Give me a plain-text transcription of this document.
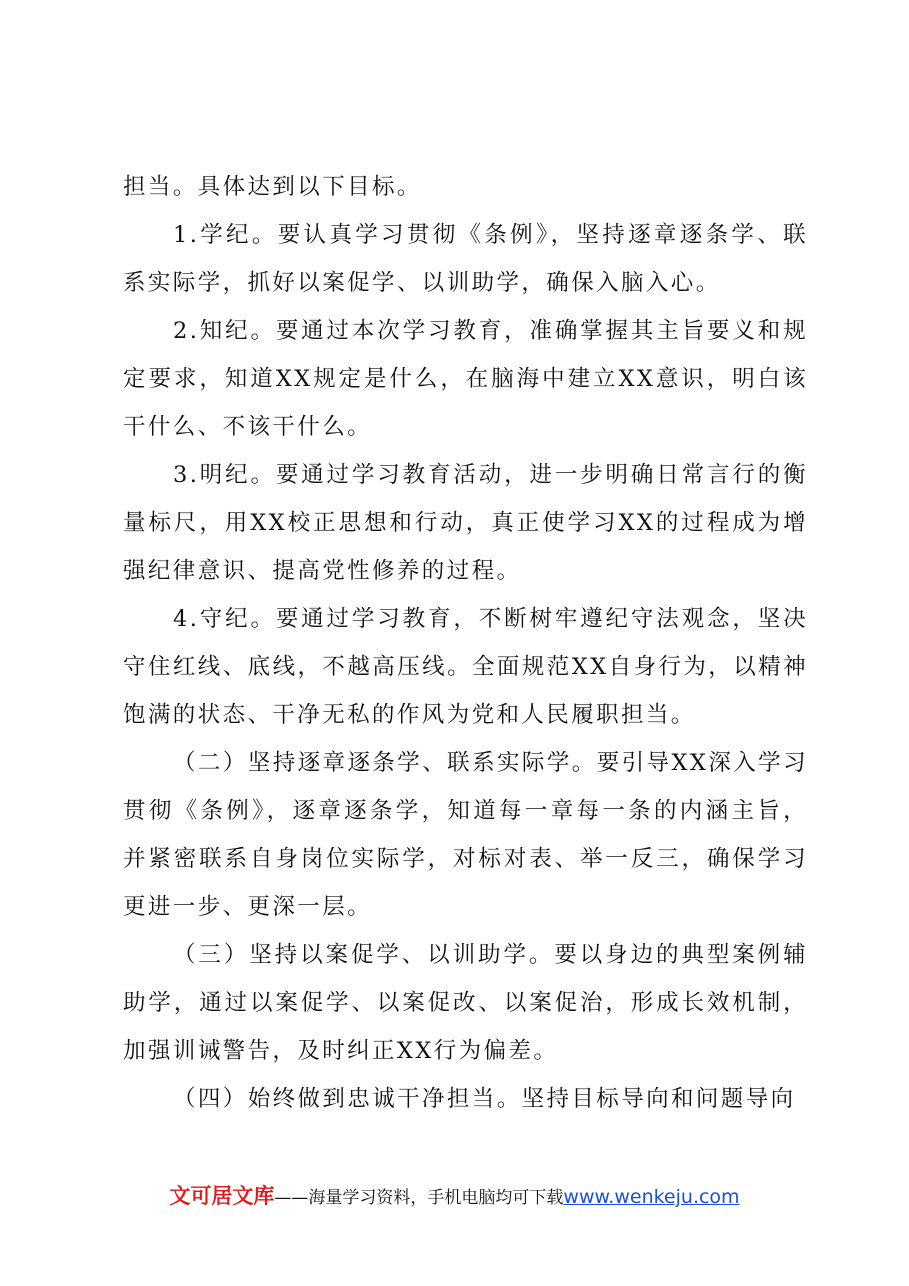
担当。具体达到以下目标。

1.学纪。要认真学习贯彻《条例》，坚持逐章逐条学、联系实际学，抓好以案促学、以训助学，确保入脑入心。

2.知纪。要通过本次学习教育，准确掌握其主旨要义和规定要求，知道XX规定是什么，在脑海中建立XX意识，明白该干什么、不该干什么。

3.明纪。要通过学习教育活动，进一步明确日常言行的衡量标尺，用XX校正思想和行动，真正使学习XX的过程成为增强纪律意识、提高党性修养的过程。

4.守纪。要通过学习教育，不断树牢遵纪守法观念，坚决守住红线、底线，不越高压线。全面规范XX自身行为，以精神饱满的状态、干净无私的作风为党和人民履职担当。

（二）坚持逐章逐条学、联系实际学。要引导XX深入学习贯彻《条例》，逐章逐条学，知道每一章每一条的内涵主旨，并紧密联系自身岗位实际学，对标对表、举一反三，确保学习更进一步、更深一层。

（三）坚持以案促学、以训助学。要以身边的典型案例辅助学，通过以案促学、以案促改、以案促治，形成长效机制，加强训诫警告，及时纠正XX行为偏差。

（四）始终做到忠诚干净担当。坚持目标导向和问题导向

文可居文库——海量学习资料，手机电脑均可下载www.wenkeju.com
